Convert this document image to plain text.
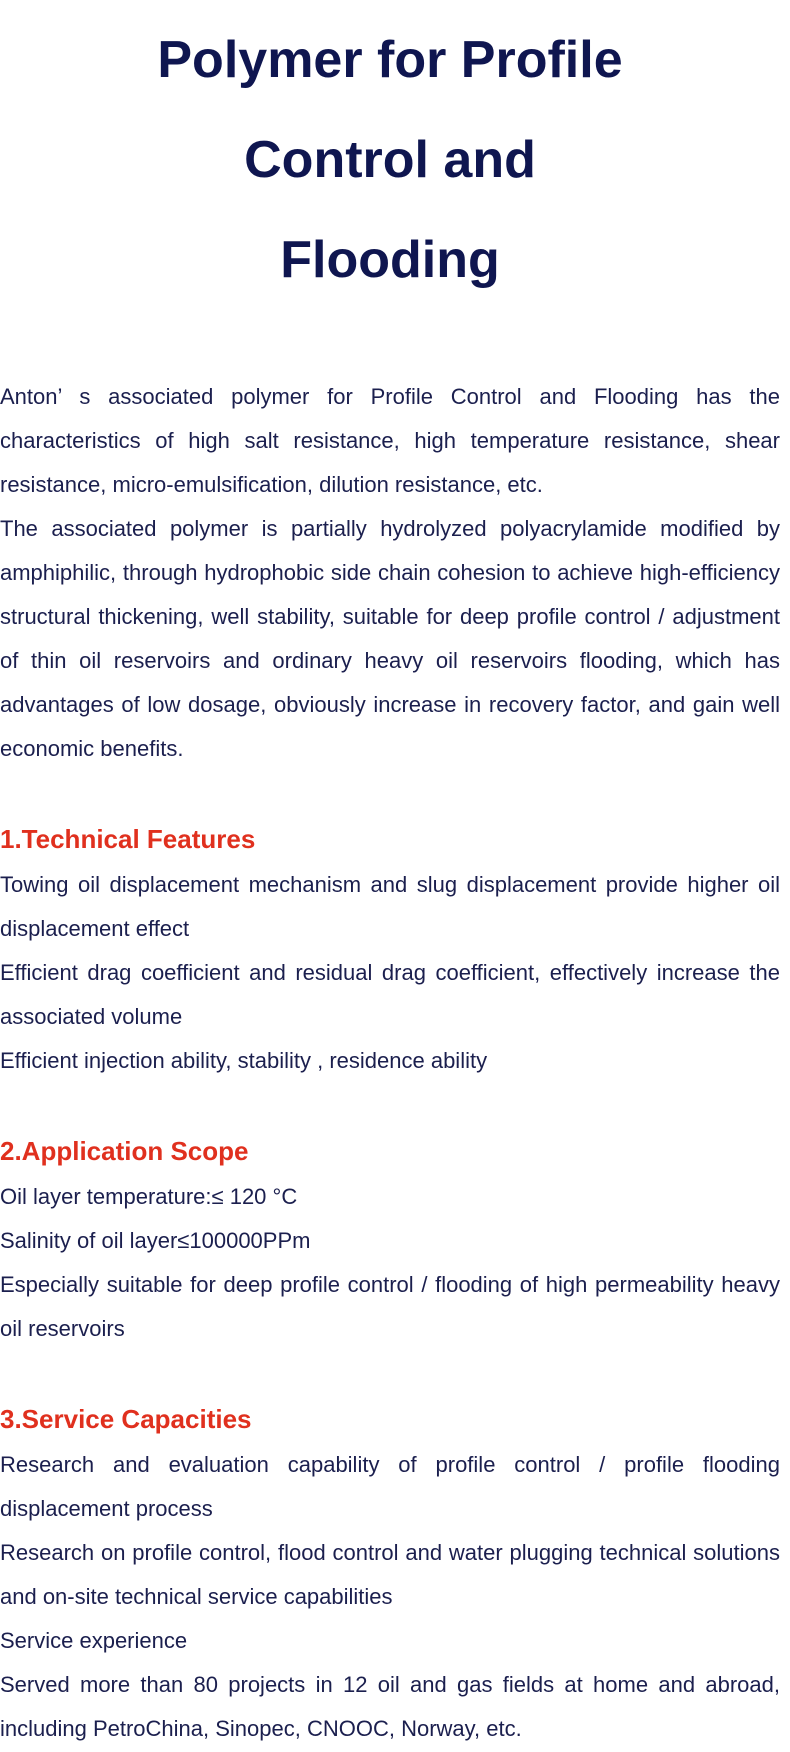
Polymer for Profile
Control and
Flooding

Anton’ s associated polymer for Profile Control and Flooding has the characteristics of high salt resistance, high temperature resistance, shear resistance, micro-emulsification, dilution resistance, etc.

The associated polymer is partially hydrolyzed polyacrylamide modified by amphiphilic, through hydrophobic side chain cohesion to achieve high-efficiency structural thickening, well stability, suitable for deep profile control / adjustment of thin oil reservoirs and ordinary heavy oil reservoirs flooding, which has advantages of low dosage, obviously increase in recovery factor, and gain well economic benefits.

1.Technical Features

Towing oil displacement mechanism and slug displacement provide higher oil displacement effect

Efficient drag coefficient and residual drag coefficient, effectively increase the associated volume

Efficient injection ability, stability , residence ability

2.Application Scope

Oil layer temperature:≤ 120 °C

Salinity of oil layer≤100000PPm

Especially suitable for deep profile control / flooding of high permeability heavy oil reservoirs

3.Service Capacities

Research and evaluation capability of profile control / profile flooding displacement process

Research on profile control, flood control and water plugging technical solutions and on-site technical service capabilities

Service experience

Served more than 80 projects in 12 oil and gas fields at home and abroad, including PetroChina, Sinopec, CNOOC, Norway, etc.
